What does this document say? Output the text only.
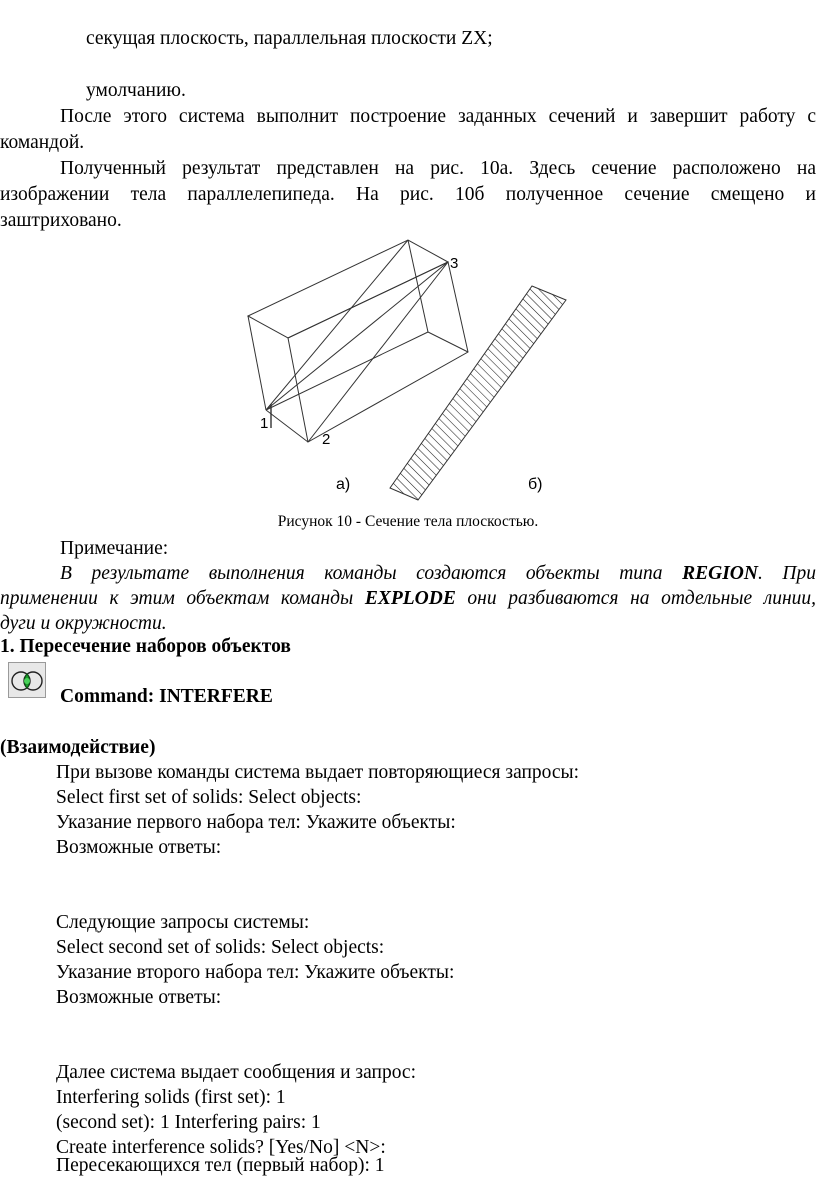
секущая плоскость, параллельная плоскости ZX;
умолчанию.
После этого система выполнит построение заданных сечений и завершит работу с
командой.
Полученный результат представлен на рис. 10а. Здесь сечение расположено на
изображении тела параллелепипеда. На рис. 10б полученное сечение смещено и
заштриховано.
1
2
3
а)	б)
Рисунок 10 - Сечение тела плоскостью.
Примечание:
В результате выполнения команды создаются объекты типа REGION. При
применении к этим объектам команды EXPLODE они разбиваются на отдельные линии,
дуги и окружности.
1. Пересечение наборов объектов
Command: INTERFERE
(Взаимодействие)
При вызове команды система выдает повторяющиеся запросы:
Select first set of solids: Select objects:
Указание первого набора тел: Укажите объекты:
Возможные ответы:
Следующие запросы системы:
Select second set of solids: Select objects:
Указание второго набора тел: Укажите объекты:
Возможные ответы:
Далее система выдает сообщения и запрос:
Interfering solids (first set): 1
(second set): 1 Interfering pairs: 1
Create interference solids? [Yes/No] <N>:
Пересекающихся тел (первый набор): 1
